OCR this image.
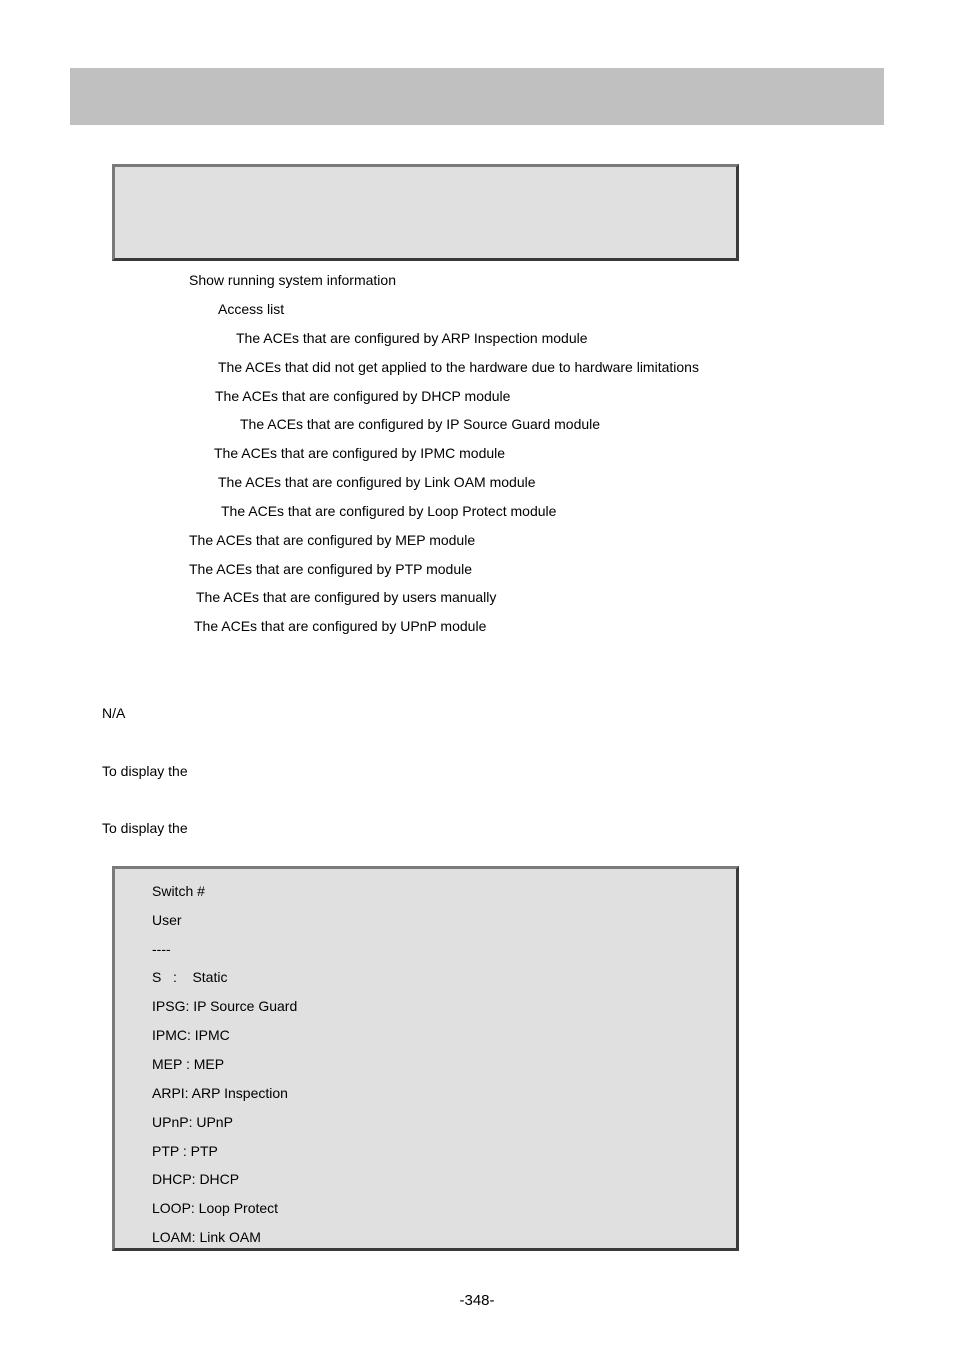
Show running system information
Access list
The ACEs that are configured by ARP Inspection module
The ACEs that did not get applied to the hardware due to hardware limitations
The ACEs that are configured by DHCP module
The ACEs that are configured by IP Source Guard module
The ACEs that are configured by IPMC module
The ACEs that are configured by Link OAM module
The ACEs that are configured by Loop Protect module
The ACEs that are configured by MEP module
The ACEs that are configured by PTP module
The ACEs that are configured by users manually
The ACEs that are configured by UPnP module
N/A
To display the
To display the
Switch #
User
----
S   :    Static
IPSG: IP Source Guard
IPMC: IPMC
MEP : MEP
ARPI: ARP Inspection
UPnP: UPnP
PTP : PTP
DHCP: DHCP
LOOP: Loop Protect
LOAM: Link OAM
-348-
